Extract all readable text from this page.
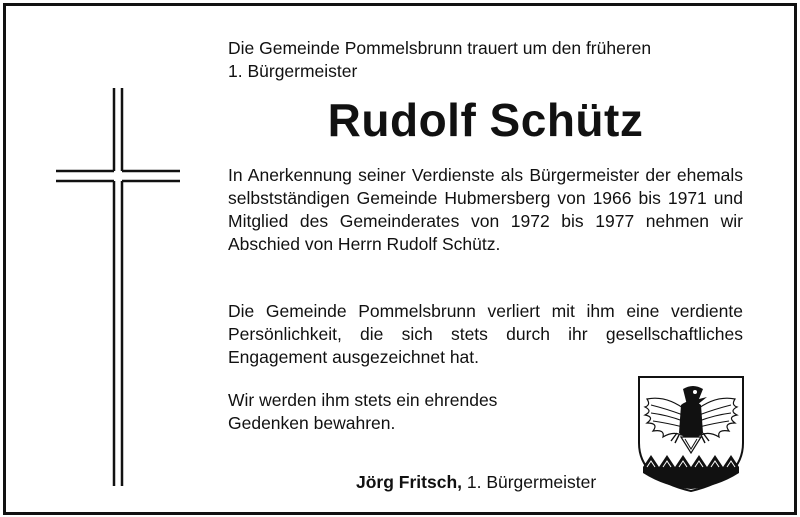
Die Gemeinde Pommelsbrunn trauert um den früheren
1. Bürgermeister
Rudolf Schütz
In Anerkennung seiner Verdienste als Bürgermeister der ehemals selbstständigen Gemeinde Hubmersberg von 1966 bis 1971 und Mitglied des Gemeinderates von 1972 bis 1977 nehmen wir Abschied von Herrn Rudolf Schütz.
Die Gemeinde Pommelsbrunn verliert mit ihm eine verdiente Persönlichkeit, die sich stets durch ihr gesellschaftliches Engagement ausgezeichnet hat.
Wir werden ihm stets ein ehrendes
Gedenken bewahren.
Jörg Fritsch, 1. Bürgermeister
